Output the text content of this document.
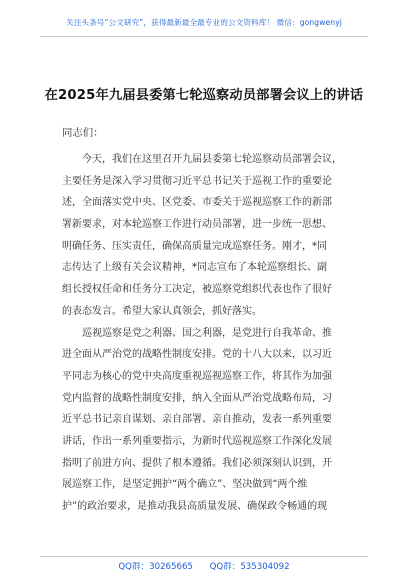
关注头条号“公文研究”，获得最新最全最专业的公文资料库！ 微信：gongwenyj
在2025年九届县委第七轮巡察动员部署会议上的讲话
同志们：
今天，我们在这里召开九届县委第七轮巡察动员部署会议，
主要任务是深入学习贯彻习近平总书记关于巡视工作的重要论
述，全面落实党中央、区党委、市委关于巡视巡察工作的新部
署新要求，对本轮巡察工作进行动员部署，进一步统一思想、
明确任务、压实责任，确保高质量完成巡察任务。刚才，*同
志传达了上级有关会议精神，*同志宣布了本轮巡察组长、副
组长授权任命和任务分工决定，被巡察党组织代表也作了很好
的表态发言。希望大家认真领会，抓好落实。
巡视巡察是党之利器、国之利器，是党进行自我革命、推
进全面从严治党的战略性制度安排。党的十八大以来，以习近
平同志为核心的党中央高度重视巡视巡察工作，将其作为加强
党内监督的战略性制度安排，纳入全面从严治党战略布局，习
近平总书记亲自谋划、亲自部署、亲自推动，发表一系列重要
讲话，作出一系列重要指示，为新时代巡视巡察工作深化发展
指明了前进方向、提供了根本遵循。我们必须深刻认识到，开
展巡察工作，是坚定拥护“两个确立”、坚决做到“两个维
护”的政治要求，是推动我县高质量发展、确保政令畅通的现
QQ群：30265665 QQ群：535304092
